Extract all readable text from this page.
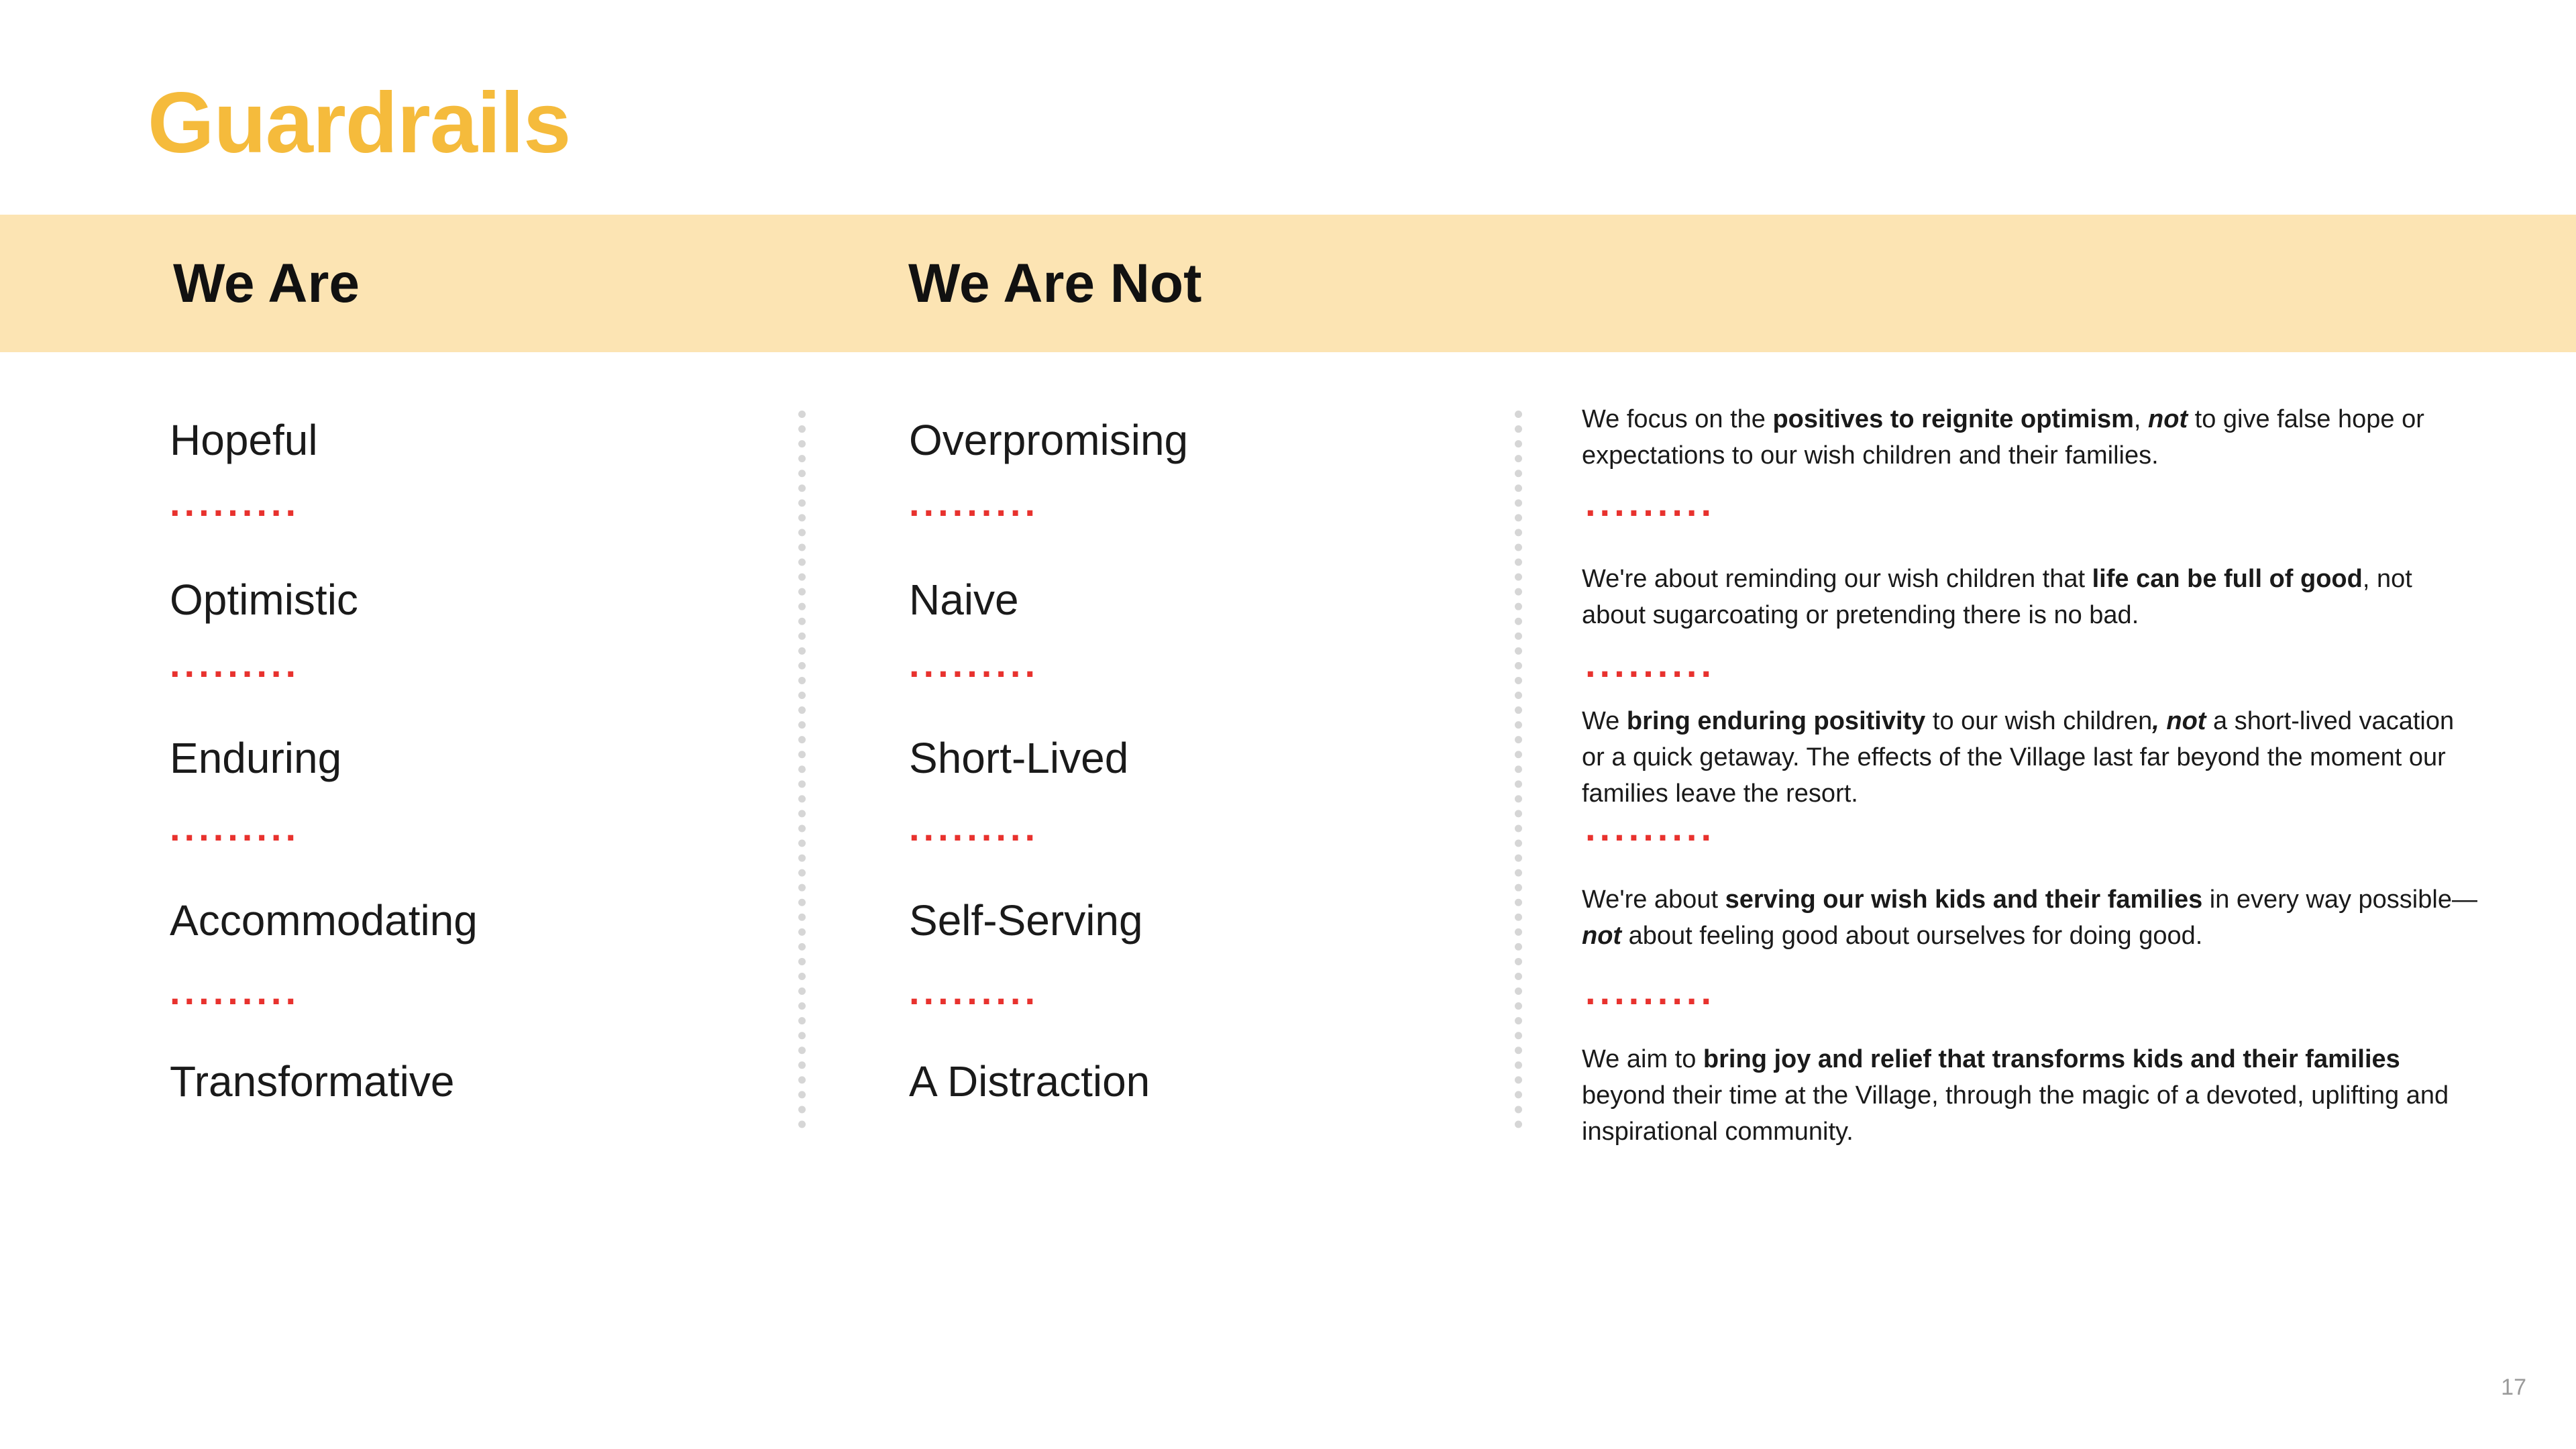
Guardrails
We Are	We Are Not
Hopeful
.........
Optimistic
.........
Enduring
.........
Accommodating
.........
Transformative
Overpromising
.........
Naive
.........
Short-Lived
.........
Self-Serving
.........
A Distraction
We focus on the positives to reignite optimism, not to give false hope or expectations to our wish children and their families.
.........
We're about reminding our wish children that life can be full of good, not about sugarcoating or pretending there is no bad.
.........
We bring enduring positivity to our wish children, not a short-lived vacation or a quick getaway. The effects of the Village last far beyond the moment our families leave the resort.
.........
We're about serving our wish kids and their families in every way possible—not about feeling good about ourselves for doing good.
.........
We aim to bring joy and relief that transforms kids and their families beyond their time at the Village, through the magic of a devoted, uplifting and inspirational community.
17
